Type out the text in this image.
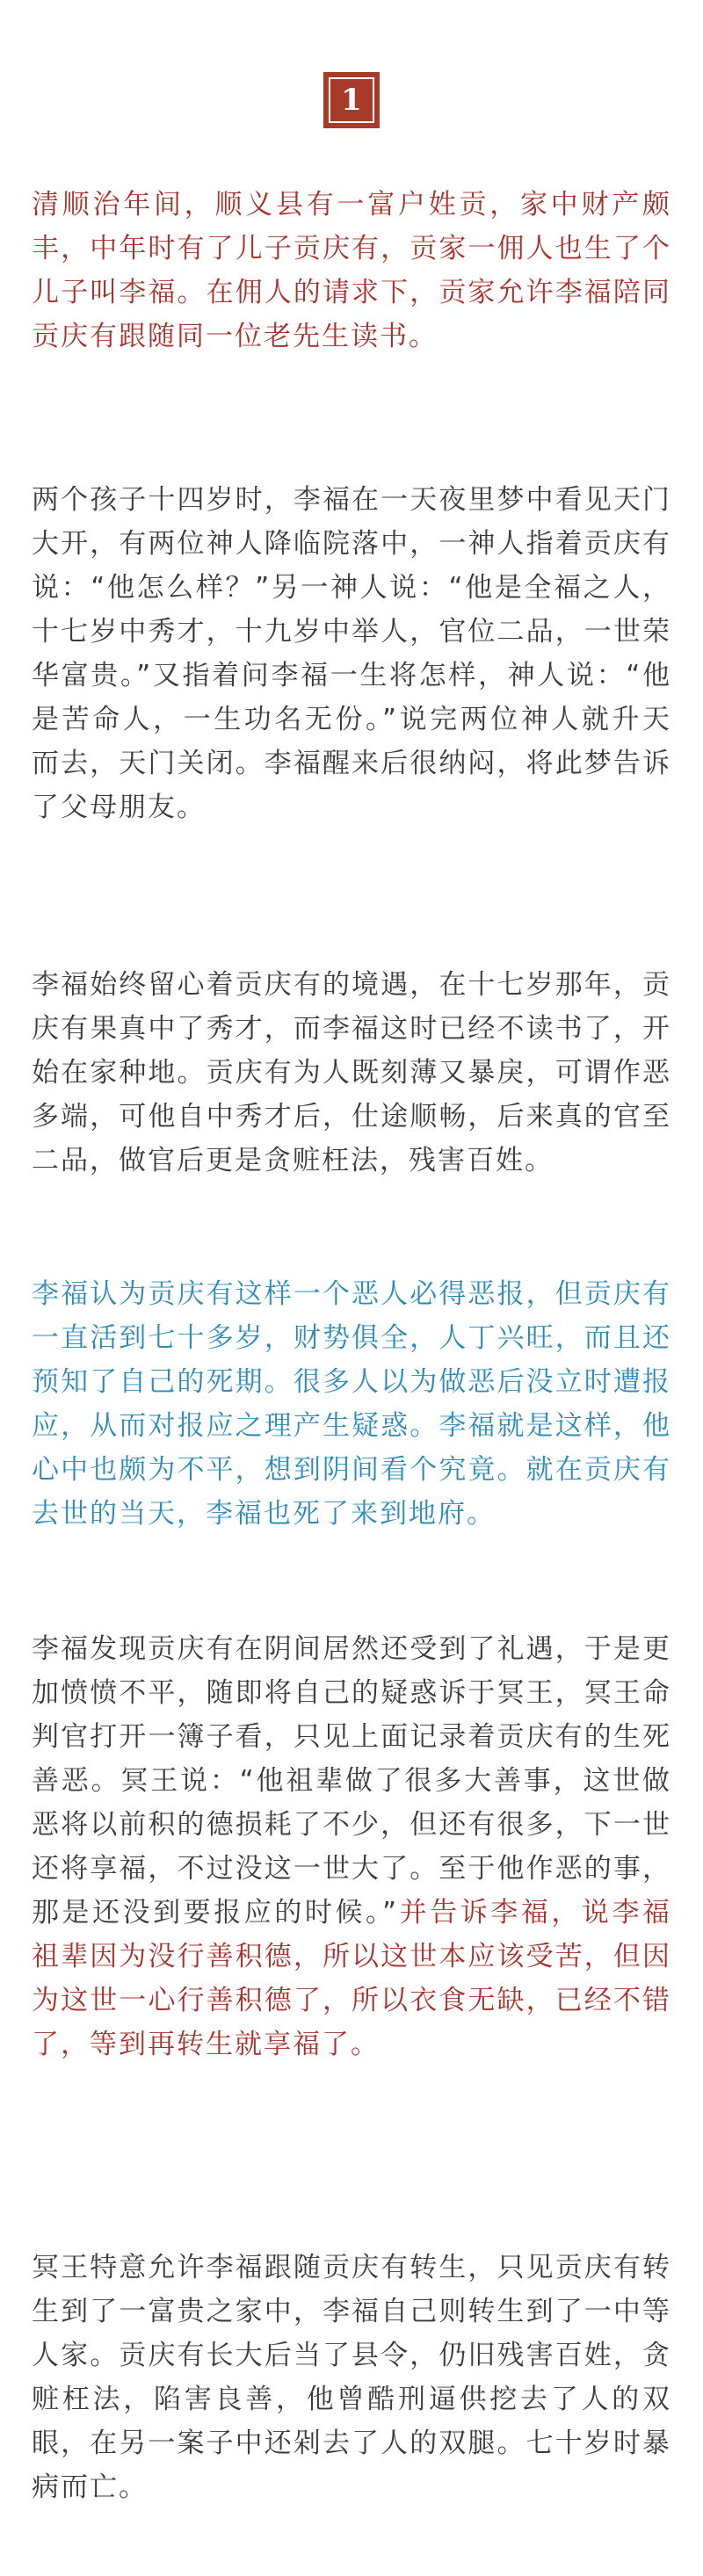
1

清顺治年间，顺义县有一富户姓贡，家中财产颇丰，中年时有了儿子贡庆有，贡家一佣人也生了个儿子叫李福。在佣人的请求下，贡家允许李福陪同贡庆有跟随同一位老先生读书。

两个孩子十四岁时，李福在一天夜里梦中看见天门大开，有两位神人降临院落中，一神人指着贡庆有说：“他怎么样？”另一神人说：“他是全福之人，十七岁中秀才，十九岁中举人，官位二品，一世荣华富贵。”又指着问李福一生将怎样，神人说：“他是苦命人，一生功名无份。”说完两位神人就升天而去，天门关闭。李福醒来后很纳闷，将此梦告诉了父母朋友。

李福始终留心着贡庆有的境遇，在十七岁那年，贡庆有果真中了秀才，而李福这时已经不读书了，开始在家种地。贡庆有为人既刻薄又暴戾，可谓作恶多端，可他自中秀才后，仕途顺畅，后来真的官至二品，做官后更是贪赃枉法，残害百姓。

李福认为贡庆有这样一个恶人必得恶报，但贡庆有一直活到七十多岁，财势俱全，人丁兴旺，而且还预知了自己的死期。很多人以为做恶后没立时遭报应，从而对报应之理产生疑惑。李福就是这样，他心中也颇为不平，想到阴间看个究竟。就在贡庆有去世的当天，李福也死了来到地府。

李福发现贡庆有在阴间居然还受到了礼遇，于是更加愤愤不平，随即将自己的疑惑诉于冥王，冥王命判官打开一簿子看，只见上面记录着贡庆有的生死善恶。冥王说：“他祖辈做了很多大善事，这世做恶将以前积的德损耗了不少，但还有很多，下一世还将享福，不过没这一世大了。至于他作恶的事，那是还没到要报应的时候。”并告诉李福，说李福祖辈因为没行善积德，所以这世本应该受苦，但因为这世一心行善积德了，所以衣食无缺，已经不错了，等到再转生就享福了。

冥王特意允许李福跟随贡庆有转生，只见贡庆有转生到了一富贵之家中，李福自己则转生到了一中等人家。贡庆有长大后当了县令，仍旧残害百姓，贪赃枉法，陷害良善，他曾酷刑逼供挖去了人的双眼，在另一案子中还剁去了人的双腿。七十岁时暴病而亡。
